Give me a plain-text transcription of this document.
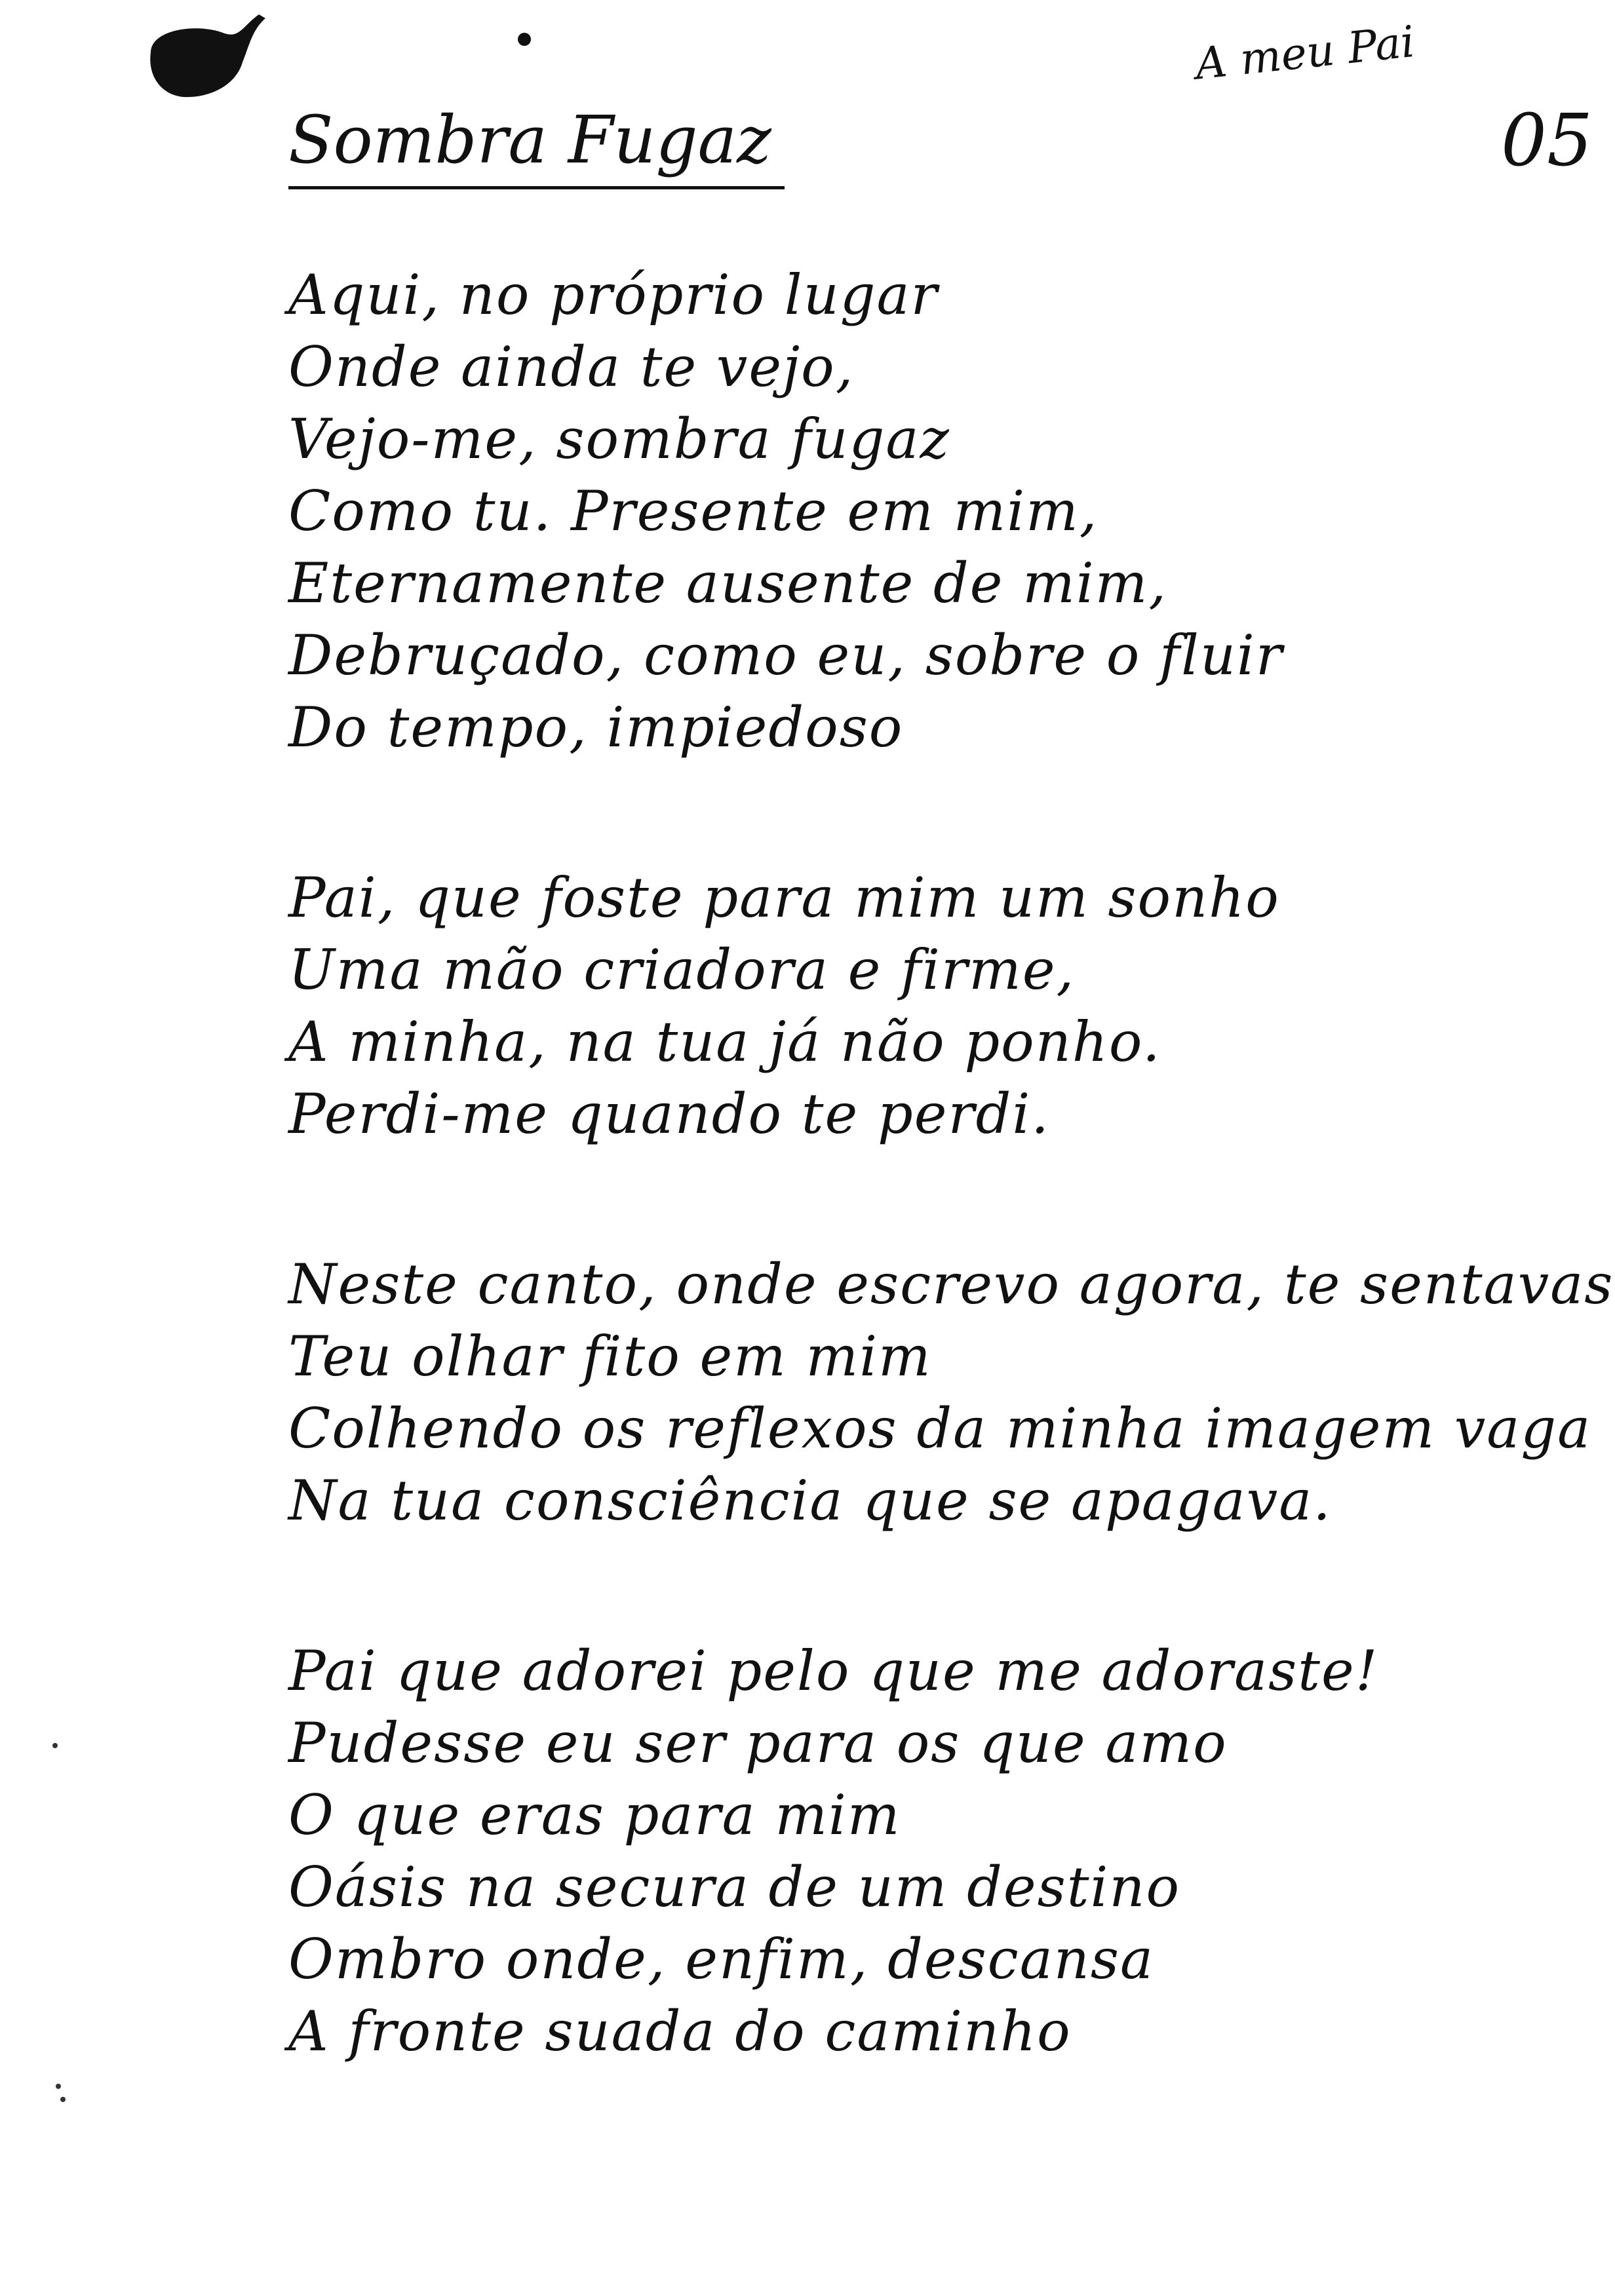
A meu Pai
05
Sombra Fugaz
Aqui, no próprio lugar
Onde ainda te vejo,
Vejo-me, sombra fugaz
Como tu. Presente em mim,
Eternamente ausente de mim,
Debruçado, como eu, sobre o fluir
Do tempo, impiedoso
Pai, que foste para mim um sonho
Uma mão criadora e firme,
A minha, na tua já não ponho.
Perdi-me quando te perdi.
Neste canto, onde escrevo agora, te sentavas
Teu olhar fito em mim
Colhendo os reflexos da minha imagem vaga
Na tua consciência que se apagava.
Pai que adorei pelo que me adoraste!
Pudesse eu ser para os que amo
O que eras para mim
Oásis na secura de um destino
Ombro onde, enfim, descansa
A fronte suada do caminho
